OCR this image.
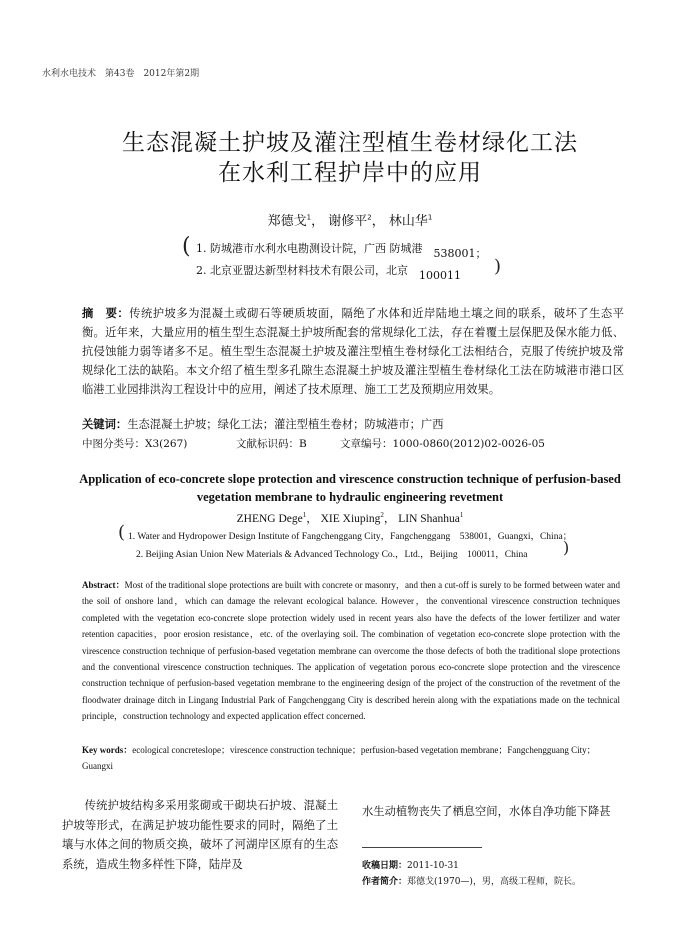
水利水电技术　第43卷　2012年第2期
生态混凝土护坡及灌注型植生卷材绿化工法
在水利工程护岸中的应用
郑德戈$^1$， 谢修平$^2$， 林山华$^1$
( 1. 防城港市水利水电勘测设计院，广西 防城港　 538001；
2. 北京亚盟达新型材料技术有限公司，北京　 100011 )
摘　要：传统护坡多为混凝土或砌石等硬质坡面，隔绝了水体和近岸陆地土壤之间的联系，破坏了生态平衡。近年来，大量应用的植生型生态混凝土护坡所配套的常规绿化工法，存在着覆土层保肥及保水能力低、抗侵蚀能力弱等诸多不足。植生型生态混凝土护坡及灌注型植生卷材绿化工法相结合，克服了传统护坡及常规绿化工法的缺陷。本文介绍了植生型多孔隙生态混凝土护坡及灌注型植生卷材绿化工法在防城港市港口区临港工业园排洪沟工程设计中的应用，阐述了技术原理、施工工艺及预期应用效果。
关键词：生态混凝土护坡；绿化工法；灌注型植生卷材；防城港市；广西
中图分类号：X3(267)	文献标识码：B	文章编号：1000-0860(2012)02-0026-05
Application of eco-concrete slope protection and virescence construction technique of perfusion-based
vegetation membrane to hydraulic engineering revetment
ZHENG Dege$^1$， XIE Xiuping$^2$， LIN Shanhua$^1$
( 1. Water and Hydropower Design Institute of Fangchenggang City，Fangchenggang　538001，Guangxi，China；
2. Beijing Asian Union New Materials & Advanced Technology Co.，Ltd.，Beijing　100011，China )
Abstract：Most of the traditional slope protections are built with concrete or masonry，and then a cut-off is surely to be formed between water and the soil of onshore land，which can damage the relevant ecological balance. However，the conventional virescence construction techniques completed with the vegetation eco-concrete slope protection widely used in recent years also have the defects of the lower fertilizer and water retention capacities，poor erosion resistance，etc. of the overlaying soil. The combination of vegetation eco-concrete slope protection with the virescence construction technique of perfusion-based vegetation membrane can overcome the those defects of both the traditional slope protections and the conventional virescence construction techniques. The application of vegetation porous eco-concrete slope protection and the virescence construction technique of perfusion-based vegetation membrane to the engineering design of the project of the construction of the revetment of the floodwater drainage ditch in Lingang Industrial Park of Fangchenggang City is described herein along with the expatiations made on the technical principle，construction technology and expected application effect concerned.
Key words：ecological concreteslope；virescence construction technique；perfusion-based vegetation membrane；Fangchengguang City；Guangxi
传统护坡结构多采用浆砌或干砌块石护坡、混凝土护坡等形式，在满足护坡功能性要求的同时，隔绝了土壤与水体之间的物质交换，破坏了河湖岸区原有的生态系统，造成生物多样性下降，陆岸及
水生动植物丧失了栖息空间，水体自净功能下降甚
收稿日期：2011-10-31
作者简介：郑德戈(1970—)，男，高级工程师，院长。
